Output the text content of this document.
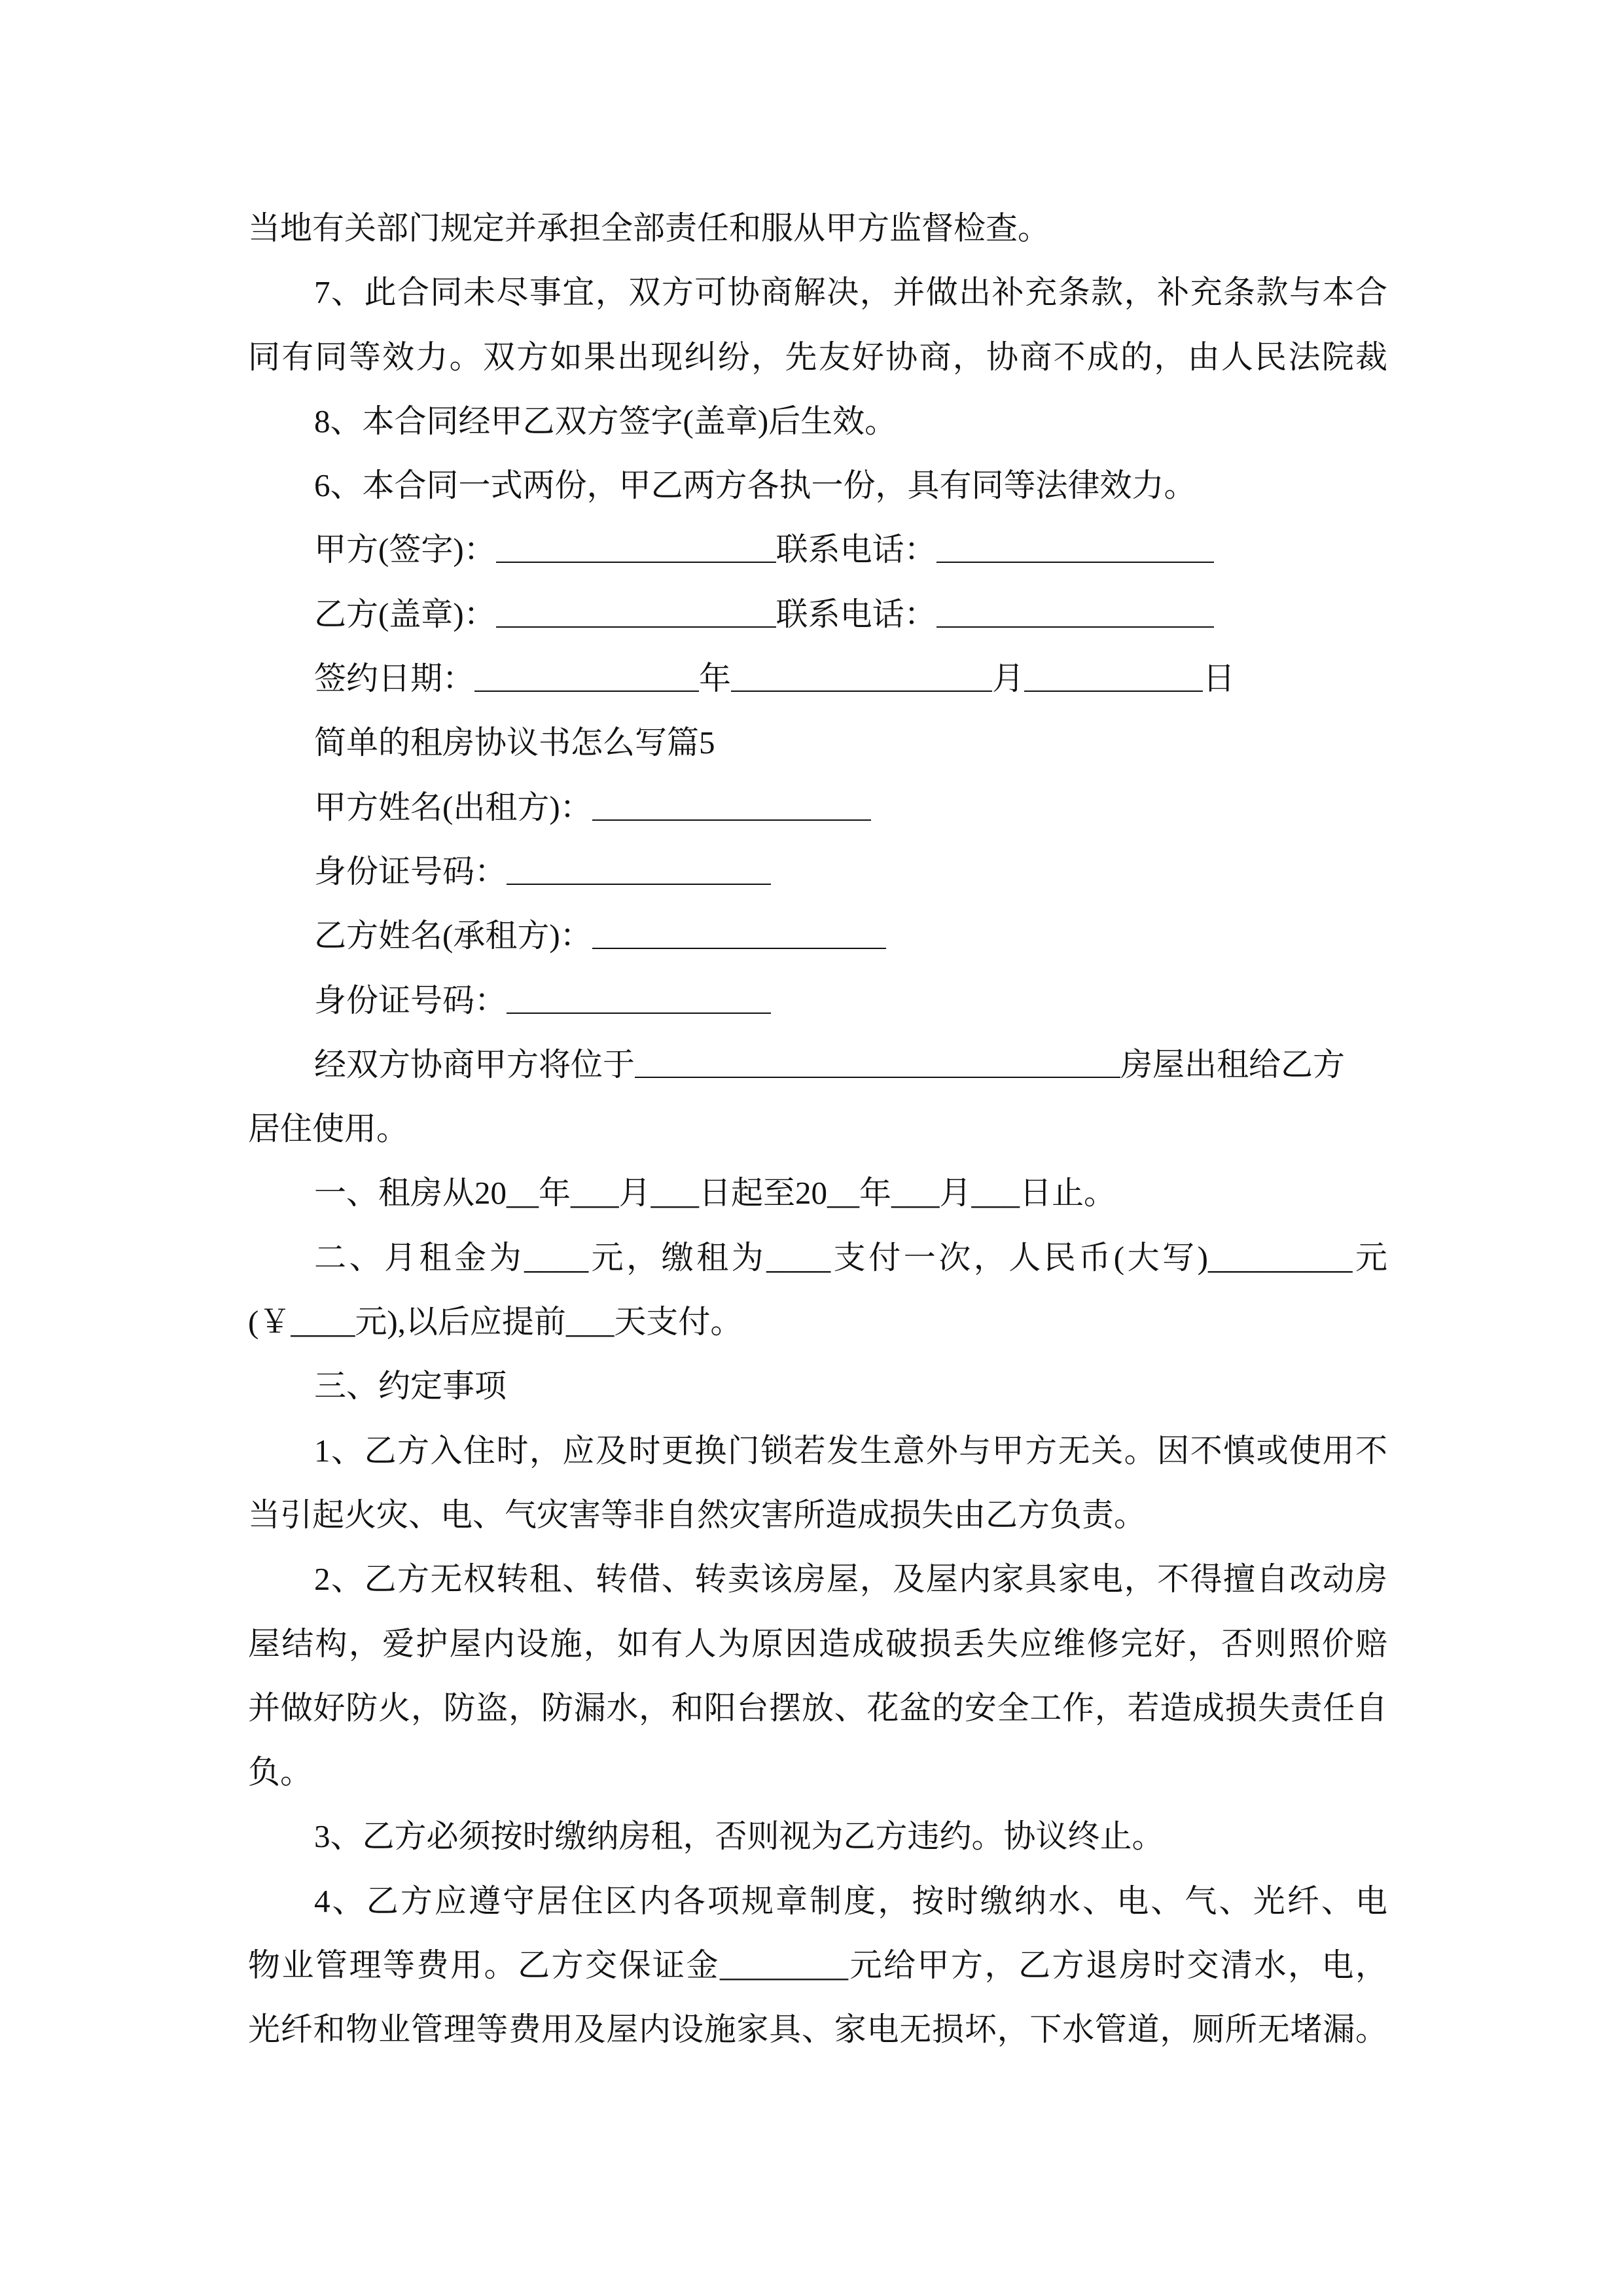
当地有关部门规定并承担全部责任和服从甲方监督检查。
7、此合同未尽事宜，双方可协商解决，并做出补充条款，补充条款与本合
同有同等效力。双方如果出现纠纷，先友好协商，协商不成的，由人民法院裁
8、本合同经甲乙双方签字(盖章)后生效。
6、本合同一式两份，甲乙两方各执一份，具有同等法律效力。
甲方(签字)：	联系电话：
乙方(盖章)：	联系电话：
签约日期：	年	月	日
简单的租房协议书怎么写篇5
甲方姓名(出租方)：
身份证号码：
乙方姓名(承租方)：
身份证号码：
经双方协商甲方将位于	房屋出租给乙方
居住使用。
一、租房从20__年___月___日起至20__年___月___日止。
二、月租金为____元，缴租为____支付一次，人民币(大写)_________元
(￥____元),以后应提前___天支付。
三、约定事项
1、乙方入住时，应及时更换门锁若发生意外与甲方无关。因不慎或使用不
当引起火灾、电、气灾害等非自然灾害所造成损失由乙方负责。
2、乙方无权转租、转借、转卖该房屋，及屋内家具家电，不得擅自改动房
屋结构，爱护屋内设施，如有人为原因造成破损丢失应维修完好，否则照价赔
并做好防火，防盗，防漏水，和阳台摆放、花盆的安全工作，若造成损失责任自
负。
3、乙方必须按时缴纳房租，否则视为乙方违约。协议终止。
4、乙方应遵守居住区内各项规章制度，按时缴纳水、电、气、光纤、电
物业管理等费用。乙方交保证金________元给甲方，乙方退房时交清水，电，
光纤和物业管理等费用及屋内设施家具、家电无损坏，下水管道，厕所无堵漏。
